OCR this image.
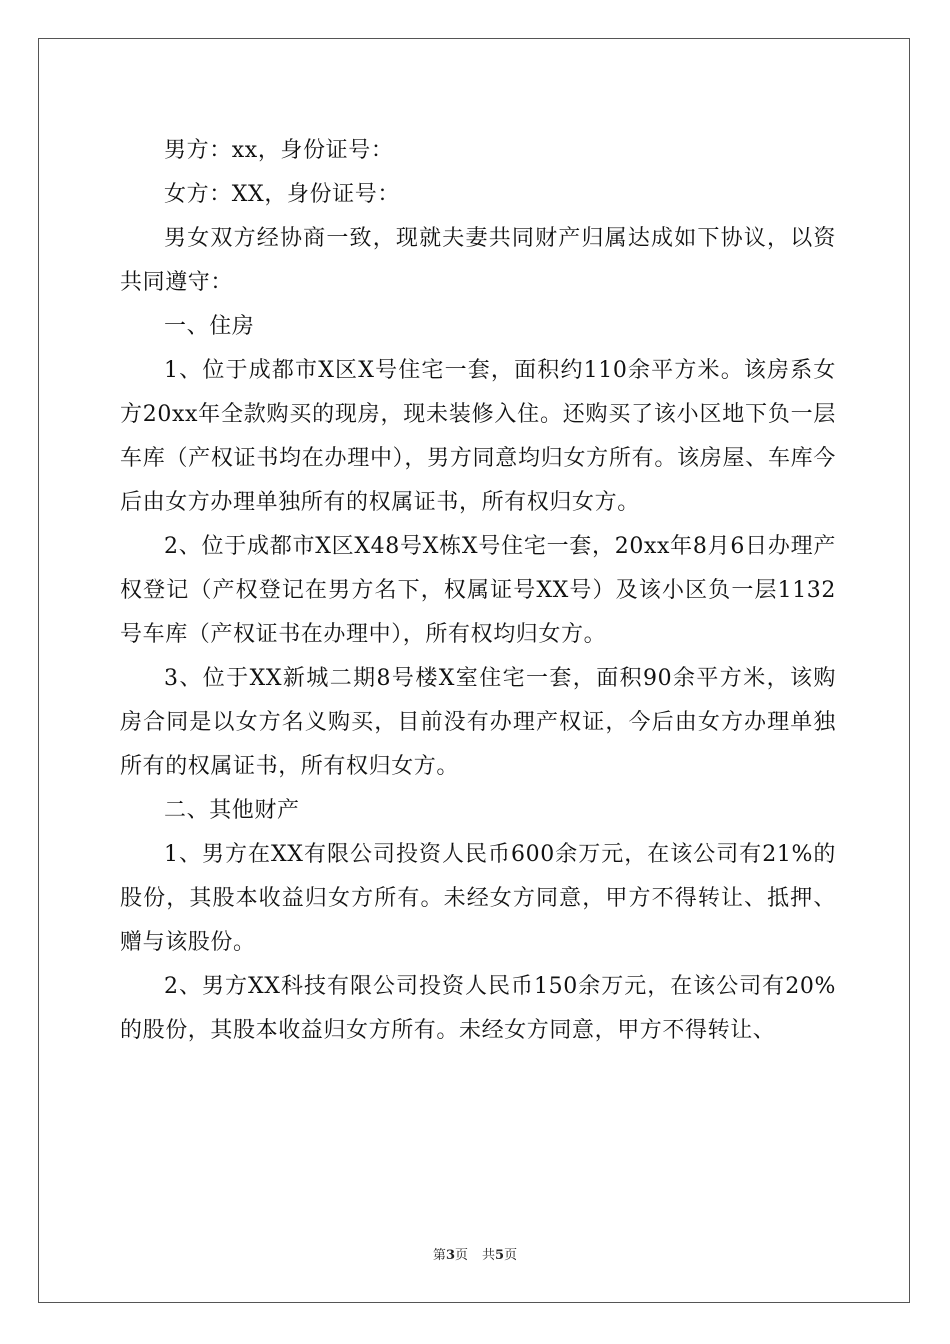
男方：xx，身份证号：

女方：XX，身份证号：

男女双方经协商一致，现就夫妻共同财产归属达成如下协议，以资共同遵守：

一、住房

1、位于成都市X区X号住宅一套，面积约110余平方米。该房系女方20xx年全款购买的现房，现未装修入住。还购买了该小区地下负一层车库（产权证书均在办理中），男方同意均归女方所有。该房屋、车库今后由女方办理单独所有的权属证书，所有权归女方。

2、位于成都市X区X48号X栋X号住宅一套，20xx年8月6日办理产权登记（产权登记在男方名下，权属证号XX号）及该小区负一层1132号车库（产权证书在办理中），所有权均归女方。

3、位于XX新城二期8号楼X室住宅一套，面积90余平方米，该购房合同是以女方名义购买，目前没有办理产权证，今后由女方办理单独所有的权属证书，所有权归女方。

二、其他财产

1、男方在XX有限公司投资人民币600余万元，在该公司有21%的股份，其股本收益归女方所有。未经女方同意，甲方不得转让、抵押、赠与该股份。

2、男方XX科技有限公司投资人民币150余万元，在该公司有20%的股份，其股本收益归女方所有。未经女方同意，甲方不得转让、

第3页 共5页
